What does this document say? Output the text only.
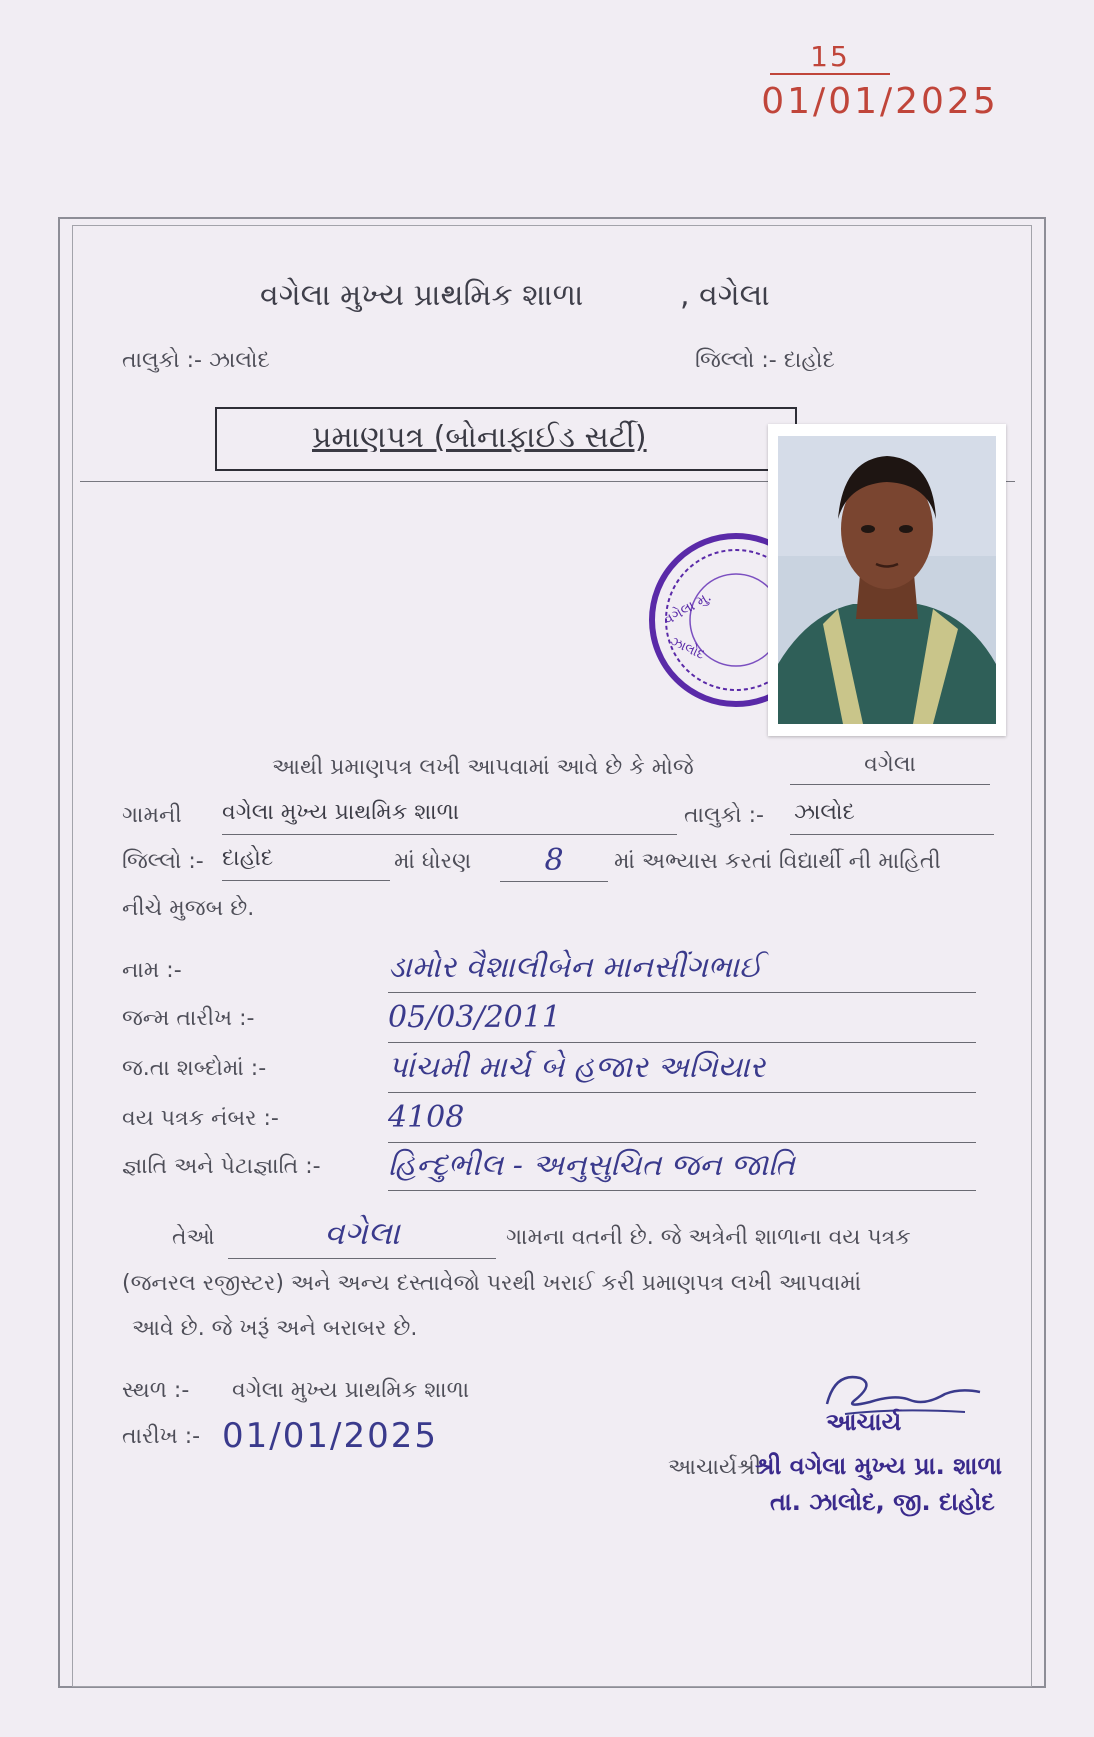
15
01/01/2025
વગેલા મુખ્ય પ્રાથમિક શાળા	, વગેલા
તાલુકો :- ઝાલોદ	જિલ્લો :- દાહોદ
પ્રમાણપત્ર (બોનાફાઈડ સર્ટી)
વગેલા મુ.
ઝાલોદ
આથી પ્રમાણપત્ર લખી આપવામાં આવે છે કે મોજે	વગેલા
ગામની વગેલા મુખ્ય પ્રાથમિક શાળા	તાલુકો :- ઝાલોદ
જિલ્લો :- દાહોદ	માં ધોરણ	8	માં અભ્યાસ કરતાં વિદ્યાર્થી ની માહિતી
નીચે મુજબ છે.
નામ :-	ડામોર વૈશાલીબેન માનસીંગભાઈ
જન્મ તારીખ :-	05/03/2011
જ.તા શબ્દોમાં :-	પાંચમી માર્ચ બે હજાર અગિયાર
વય પત્રક નંબર :-	4108
જ્ઞાતિ અને પેટાજ્ઞાતિ :- હિન્દુભીલ - અનુસુચિત જન જાતિ
તેઓ	વગેલા	ગામના વતની છે. જે અત્રેની શાળાના વય પત્રક
(જનરલ રજીસ્ટર) અને અન્ય દસ્તાવેજો પરથી ખરાઈ કરી પ્રમાણપત્ર લખી આપવામાં
આવે છે. જે ખરૂં અને બરાબર છે.
સ્થળ :- વગેલા મુખ્ય પ્રાથમિક શાળા
તારીખ :- 01/01/2025	આચાર્ય
આચાર્યશ્રી
શ્રી વગેલા મુખ્ય પ્રા. શાળા
તા. ઝાલોદ, જી. દાહોદ
